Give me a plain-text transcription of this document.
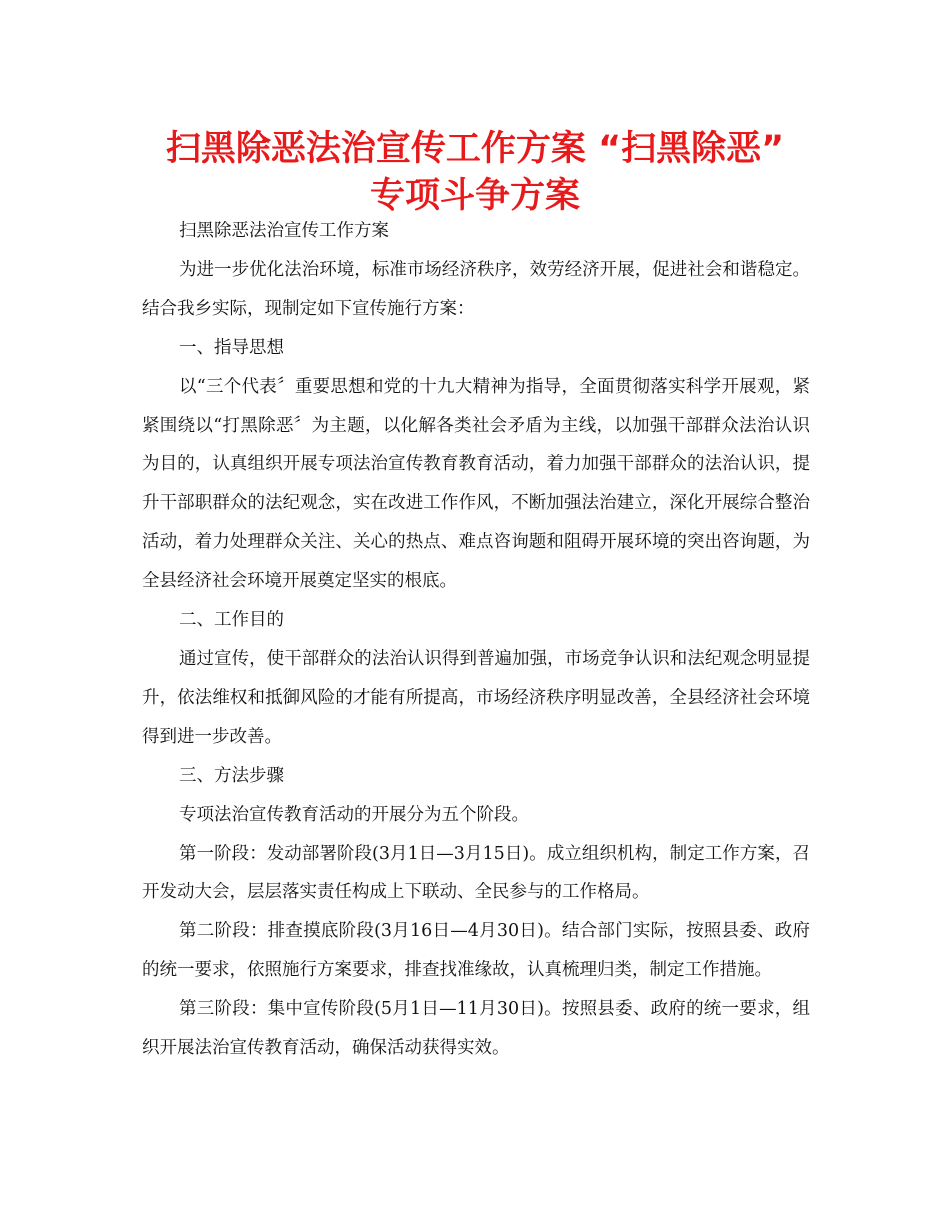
扫黑除恶法治宣传工作方案 “扫黑除恶”
专项斗争方案

扫黑除恶法治宣传工作方案

为进一步优化法治环境，标准市场经济秩序，效劳经济开展，促进社会和谐稳定。结合我乡实际，现制定如下宣传施行方案：

一、指导思想

以“三个代表〞重要思想和党的十九大精神为指导，全面贯彻落实科学开展观，紧紧围绕以“打黑除恶〞为主题，以化解各类社会矛盾为主线，以加强干部群众法治认识为目的，认真组织开展专项法治宣传教育教育活动，着力加强干部群众的法治认识，提升干部职群众的法纪观念，实在改进工作作风，不断加强法治建立，深化开展综合整治活动，着力处理群众关注、关心的热点、难点咨询题和阻碍开展环境的突出咨询题，为全县经济社会环境开展奠定坚实的根底。

二、工作目的

通过宣传，使干部群众的法治认识得到普遍加强，市场竞争认识和法纪观念明显提升，依法维权和抵御风险的才能有所提高，市场经济秩序明显改善，全县经济社会环境得到进一步改善。

三、方法步骤

专项法治宣传教育活动的开展分为五个阶段。

第一阶段：发动部署阶段(3月1日—3月15日)。成立组织机构，制定工作方案，召开发动大会，层层落实责任构成上下联动、全民参与的工作格局。

第二阶段：排查摸底阶段(3月16日—4月30日)。结合部门实际，按照县委、政府的统一要求，依照施行方案要求，排查找准缘故，认真梳理归类，制定工作措施。

第三阶段：集中宣传阶段(5月1日—11月30日)。按照县委、政府的统一要求，组织开展法治宣传教育活动，确保活动获得实效。
